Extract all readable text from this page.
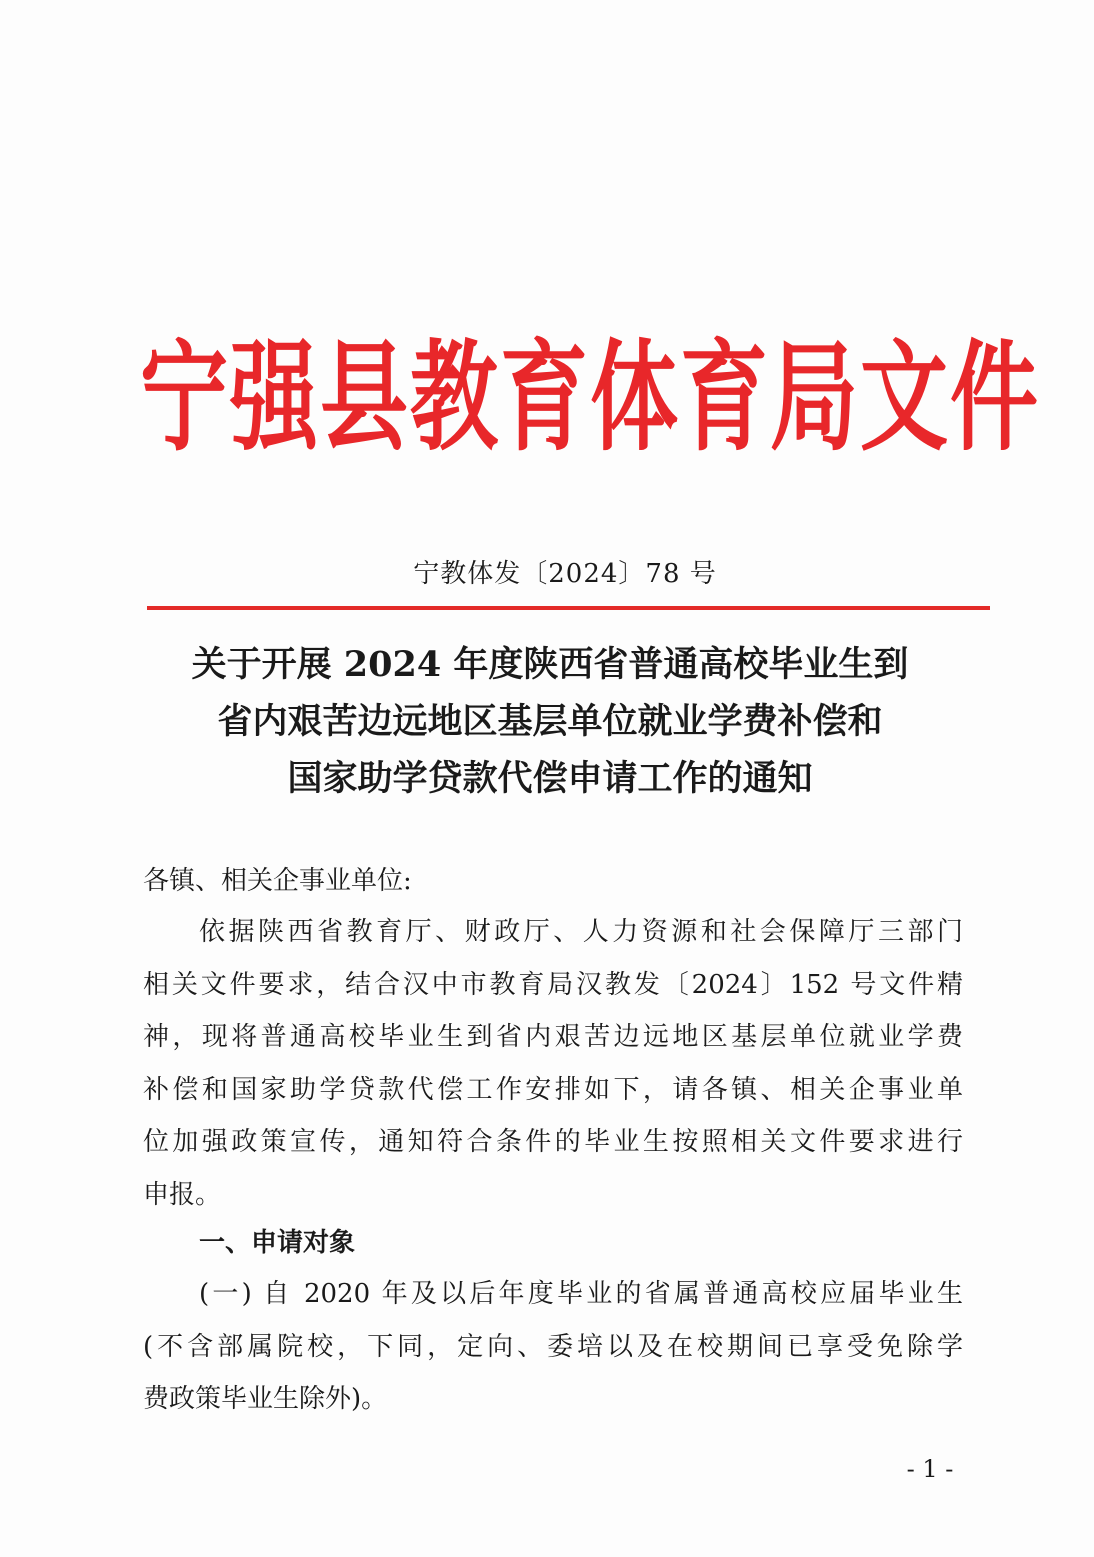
宁强县教育体育局文件
宁教体发〔2024〕78 号
关于开展 2024 年度陕西省普通高校毕业生到
省内艰苦边远地区基层单位就业学费补偿和
国家助学贷款代偿申请工作的通知
各镇、相关企事业单位:
依据陕西省教育厅、财政厅、人力资源和社会保障厅三部门
相关文件要求，结合汉中市教育局汉教发〔2024〕152 号文件精
神，现将普通高校毕业生到省内艰苦边远地区基层单位就业学费
补偿和国家助学贷款代偿工作安排如下，请各镇、相关企事业单
位加强政策宣传，通知符合条件的毕业生按照相关文件要求进行
申报。
一、申请对象
(一) 自 2020 年及以后年度毕业的省属普通高校应届毕业生
(不含部属院校，下同，定向、委培以及在校期间已享受免除学
费政策毕业生除外)。
- 1 -
